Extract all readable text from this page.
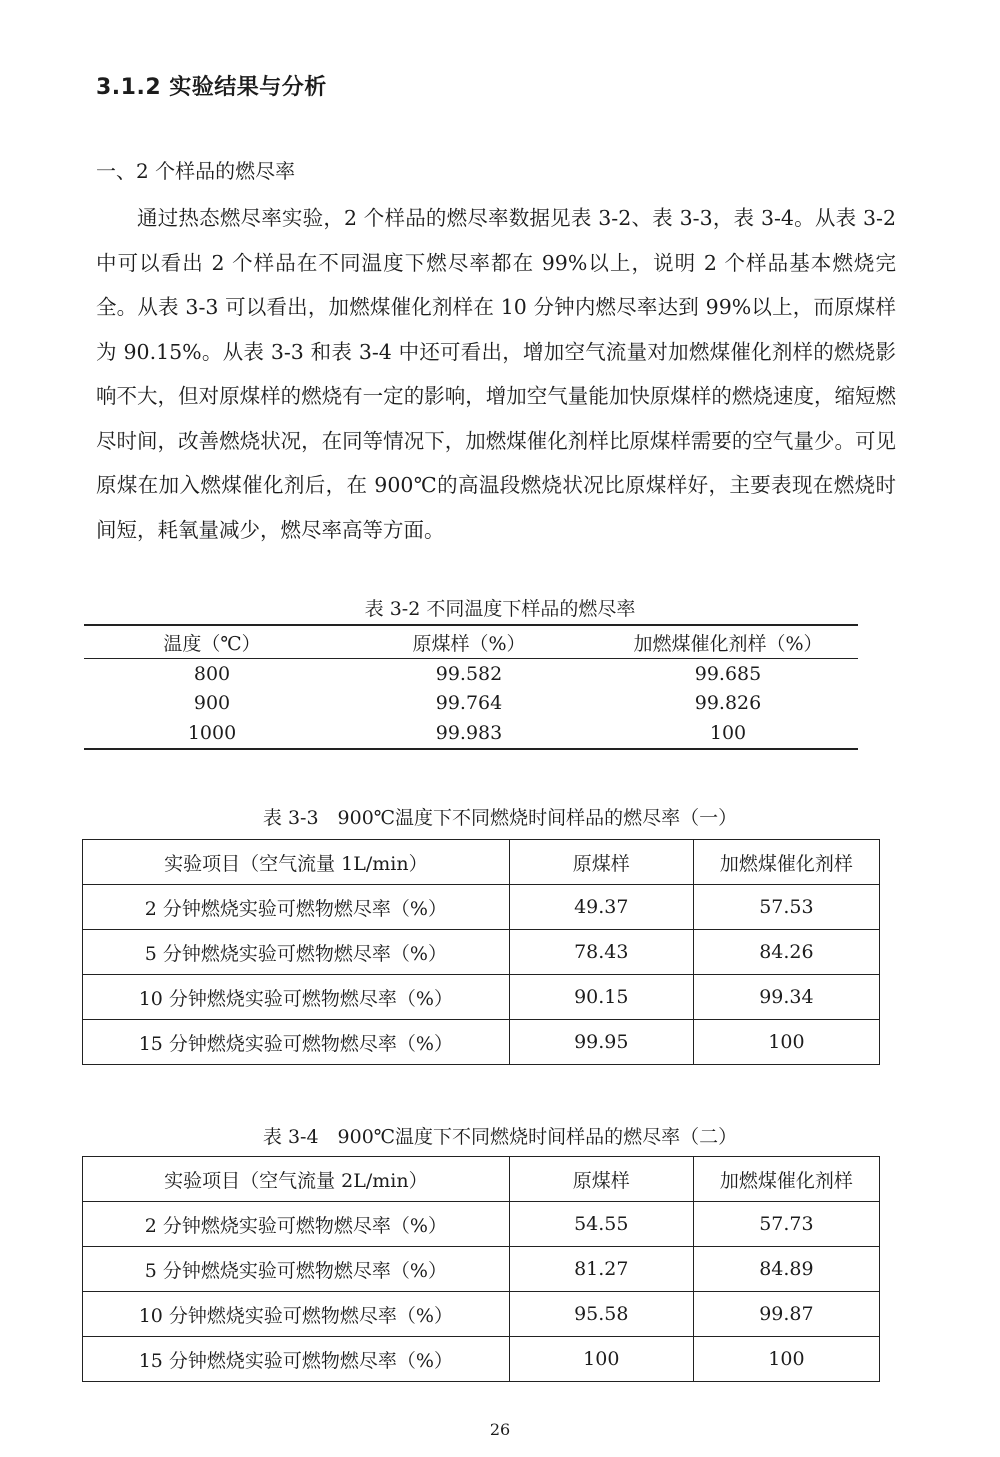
3.1.2 实验结果与分析
一、2 个样品的燃尽率

通过热态燃尽率实验，2 个样品的燃尽率数据见表 3-2、表 3-3，表 3-4。从表 3-2 中可以看出 2 个样品在不同温度下燃尽率都在 99%以上，说明 2 个样品基本燃烧完全。从表 3-3 可以看出，加燃煤催化剂样在 10 分钟内燃尽率达到 99%以上，而原煤样为 90.15%。从表 3-3 和表 3-4 中还可看出，增加空气流量对加燃煤催化剂样的燃烧影响不大，但对原煤样的燃烧有一定的影响，增加空气量能加快原煤样的燃烧速度，缩短燃尽时间，改善燃烧状况，在同等情况下，加燃煤催化剂样比原煤样需要的空气量少。可见原煤在加入燃煤催化剂后，在 900℃的高温段燃烧状况比原煤样好，主要表现在燃烧时间短，耗氧量减少，燃尽率高等方面。

表 3-2 不同温度下样品的燃尽率
温度（℃）	原煤样（%）	加燃煤催化剂样（%）
800	99.582	99.685
900	99.764	99.826
1000	99.983	100
表 3-3　900℃温度下不同燃烧时间样品的燃尽率（一）
实验项目（空气流量 1L/min）	原煤样	加燃煤催化剂样
2 分钟燃烧实验可燃物燃尽率（%）	49.37	57.53
5 分钟燃烧实验可燃物燃尽率（%）	78.43	84.26
10 分钟燃烧实验可燃物燃尽率（%）	90.15	99.34
15 分钟燃烧实验可燃物燃尽率（%）	99.95	100
表 3-4　900℃温度下不同燃烧时间样品的燃尽率（二）
实验项目（空气流量 2L/min）	原煤样	加燃煤催化剂样
2 分钟燃烧实验可燃物燃尽率（%）	54.55	57.73
5 分钟燃烧实验可燃物燃尽率（%）	81.27	84.89
10 分钟燃烧实验可燃物燃尽率（%）	95.58	99.87
15 分钟燃烧实验可燃物燃尽率（%）	100	100
26
